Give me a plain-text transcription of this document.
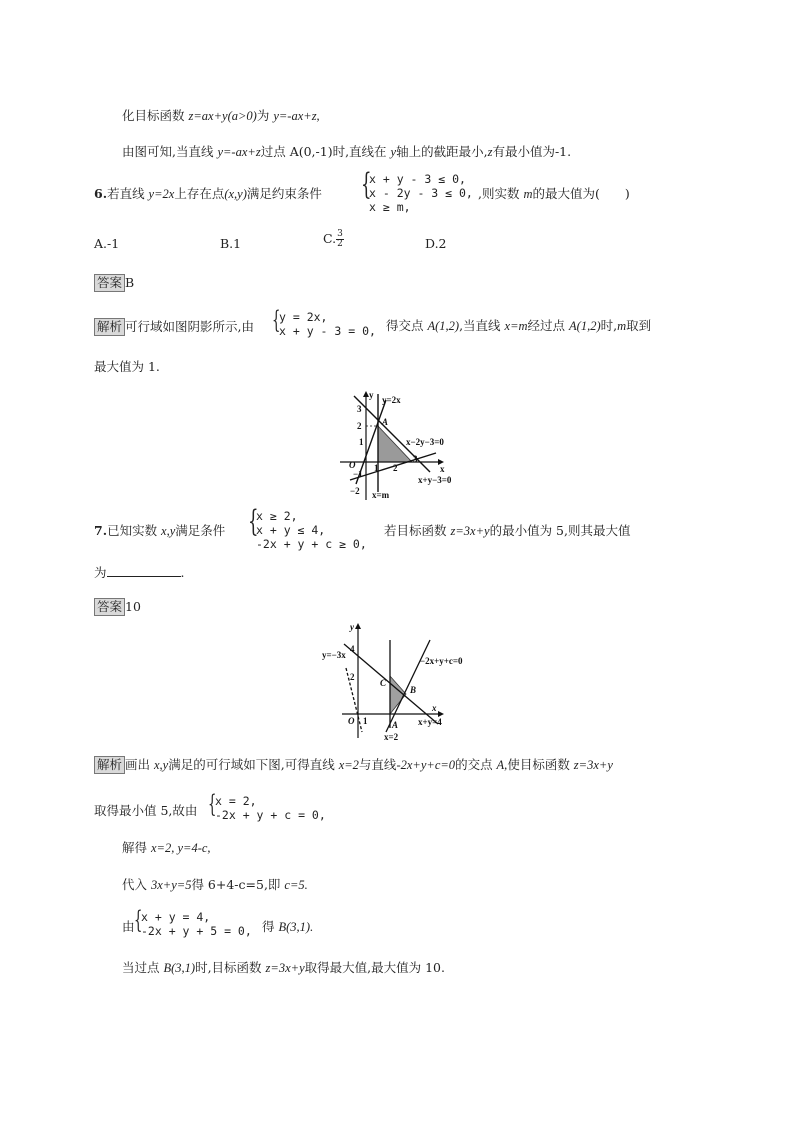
化目标函数 z=ax+y(a>0)为 y=-ax+z,
由图可知,当直线 y=-ax+z过点 A(0,-1)时,直线在 y轴上的截距最小,z有最小值为-1.
6.若直线 y=2x上存在点(x,y)满足约束条件 {
x + y - 3 ≤ 0,
x - 2y - 3 ≤ 0,
x ≥ m,
,则实数 m的最大值为(　　)
A.-1	B.1	C. $\frac{3}{2}$	D.2
答案 B
解析 可行域如图阴影所示,由 {
y = 2x,
x + y - 3 = 0, 得交点 A(1,2),当直线 x=m经过点 A(1,2)时,m取到
最大值为 1.
y y=2x
A
3
2
1
O
−1
−2
1 2
3
x
x−2y−3=0
x+y−3=0
x=m
7.已知实数 x,y满足条件 {
x ≥ 2,
x + y ≤ 4,
-2x + y + c ≥ 0,
若目标函数 z=3x+y的最小值为 5,则其最大值
为	.
答案 10
y
y=−3x
4
2
1
O
C
B
A
−2x+y+c=0
x
x+y=4
x=2
解析 画出 x,y满足的可行域如下图,可得直线 x=2与直线-2x+y+c=0的交点 A,使目标函数 z=3x+y
取得最小值 5,故由 {
x = 2,
-2x + y + c = 0,
解得 x=2, y=4-c,
代入 3x+y=5得 6+4-c=5,即 c=5.
由 {
x + y = 4,
-2x + y + 5 = 0, 得 B(3,1).
当过点 B(3,1)时,目标函数 z=3x+y取得最大值,最大值为 10.
